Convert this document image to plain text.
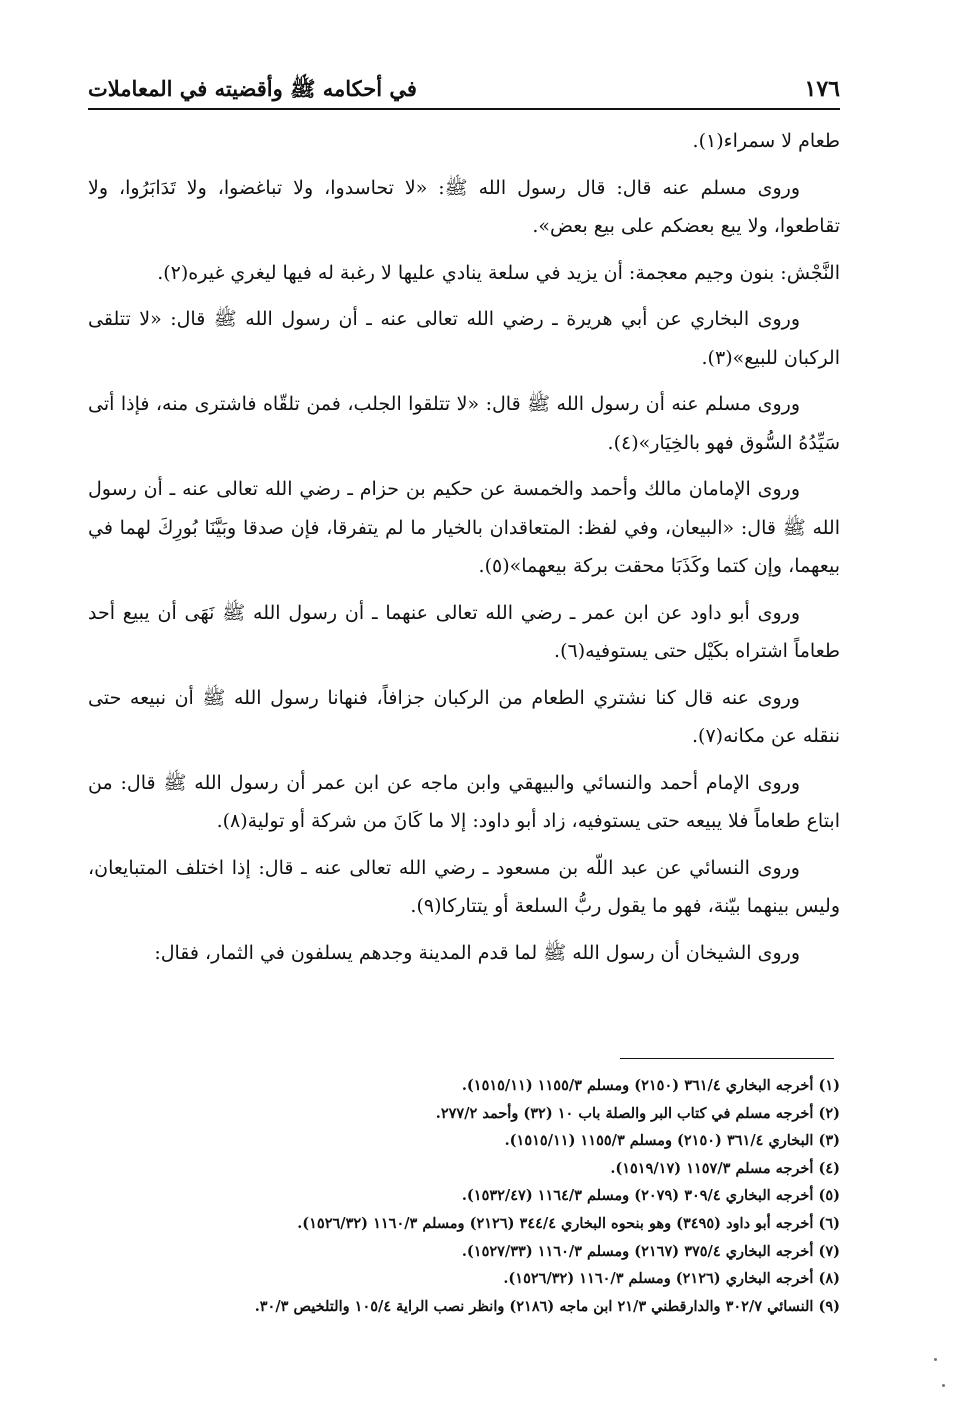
١٧٦
في أحكامه ﷺ وأقضيته في المعاملات

طعام لا سمراء(١).

وروى مسلم عنه قال: قال رسول الله ﷺ: «لا تحاسدوا، ولا تباغضوا، ولا تَدَابَرُوا، ولا تقاطعوا، ولا يبع بعضكم على بيع بعض».

النَّجْش: بنون وجيم معجمة: أن يزيد في سلعة ينادي عليها لا رغبة له فيها ليغري غيره(٢).

وروى البخاري عن أبي هريرة ـ رضي الله تعالى عنه ـ أن رسول الله ﷺ قال: «لا تتلقى الركبان للبيع»(٣).

وروى مسلم عنه أن رسول الله ﷺ قال: «لا تتلقوا الجلب، فمن تلقّاه فاشترى منه، فإذا أتى سَيِّدُهُ السُّوق فهو بالخِيَار»(٤).

وروى الإمامان مالك وأحمد والخمسة عن حكيم بن حزام ـ رضي الله تعالى عنه ـ أن رسول الله ﷺ قال: «البيعان، وفي لفظ: المتعاقدان بالخيار ما لم يتفرقا، فإن صدقا وبَيَّنَا بُورِكَ لهما في بيعهما، وإن كتما وكَذَبَا محقت بركة بيعهما»(٥).

وروى أبو داود عن ابن عمر ـ رضي الله تعالى عنهما ـ أن رسول الله ﷺ نَهَى أن يبيع أحد طعاماً اشتراه بكَيْل حتى يستوفيه(٦).

وروى عنه قال كنا نشتري الطعام من الركبان جزافاً، فنهانا رسول الله ﷺ أن نبيعه حتى ننقله عن مكانه(٧).

وروى الإمام أحمد والنسائي والبيهقي وابن ماجه عن ابن عمر أن رسول الله ﷺ قال: من ابتاع طعاماً فلا يبيعه حتى يستوفيه، زاد أبو داود: إلا ما كَانَ من شركة أو تولية(٨).

وروى النسائي عن عبد اللّه بن مسعود ـ رضي الله تعالى عنه ـ قال: إذا اختلف المتبايعان، وليس بينهما بيّنة، فهو ما يقول ربُّ السلعة أو يتتاركا(٩).

وروى الشيخان أن رسول الله ﷺ لما قدم المدينة وجدهم يسلفون في الثمار، فقال:

(١) أخرجه البخاري ٣٦١/٤ (٢١٥٠) ومسلم ١١٥٥/٣ (١٥١٥/١١).
(٢) أخرجه مسلم في كتاب البر والصلة باب ١٠ (٣٢) وأحمد ٢٧٧/٢.
(٣) البخاري ٣٦١/٤ (٢١٥٠) ومسلم ١١٥٥/٣ (١٥١٥/١١).
(٤) أخرجه مسلم ١١٥٧/٣ (١٥١٩/١٧).
(٥) أخرجه البخاري ٣٠٩/٤ (٢٠٧٩) ومسلم ١١٦٤/٣ (١٥٣٢/٤٧).
(٦) أخرجه أبو داود (٣٤٩٥) وهو بنحوه البخاري ٣٤٤/٤ (٢١٢٦) ومسلم ١١٦٠/٣ (١٥٢٦/٣٢).
(٧) أخرجه البخاري ٣٧٥/٤ (٢١٦٧) ومسلم ١١٦٠/٣ (١٥٢٧/٣٣).
(٨) أخرجه البخاري (٢١٢٦) ومسلم ١١٦٠/٣ (١٥٢٦/٣٢).
(٩) النسائي ٣٠٢/٧ والدارقطني ٢١/٣ ابن ماجه (٢١٨٦) وانظر نصب الراية ١٠٥/٤ والتلخيص ٣٠/٣.
